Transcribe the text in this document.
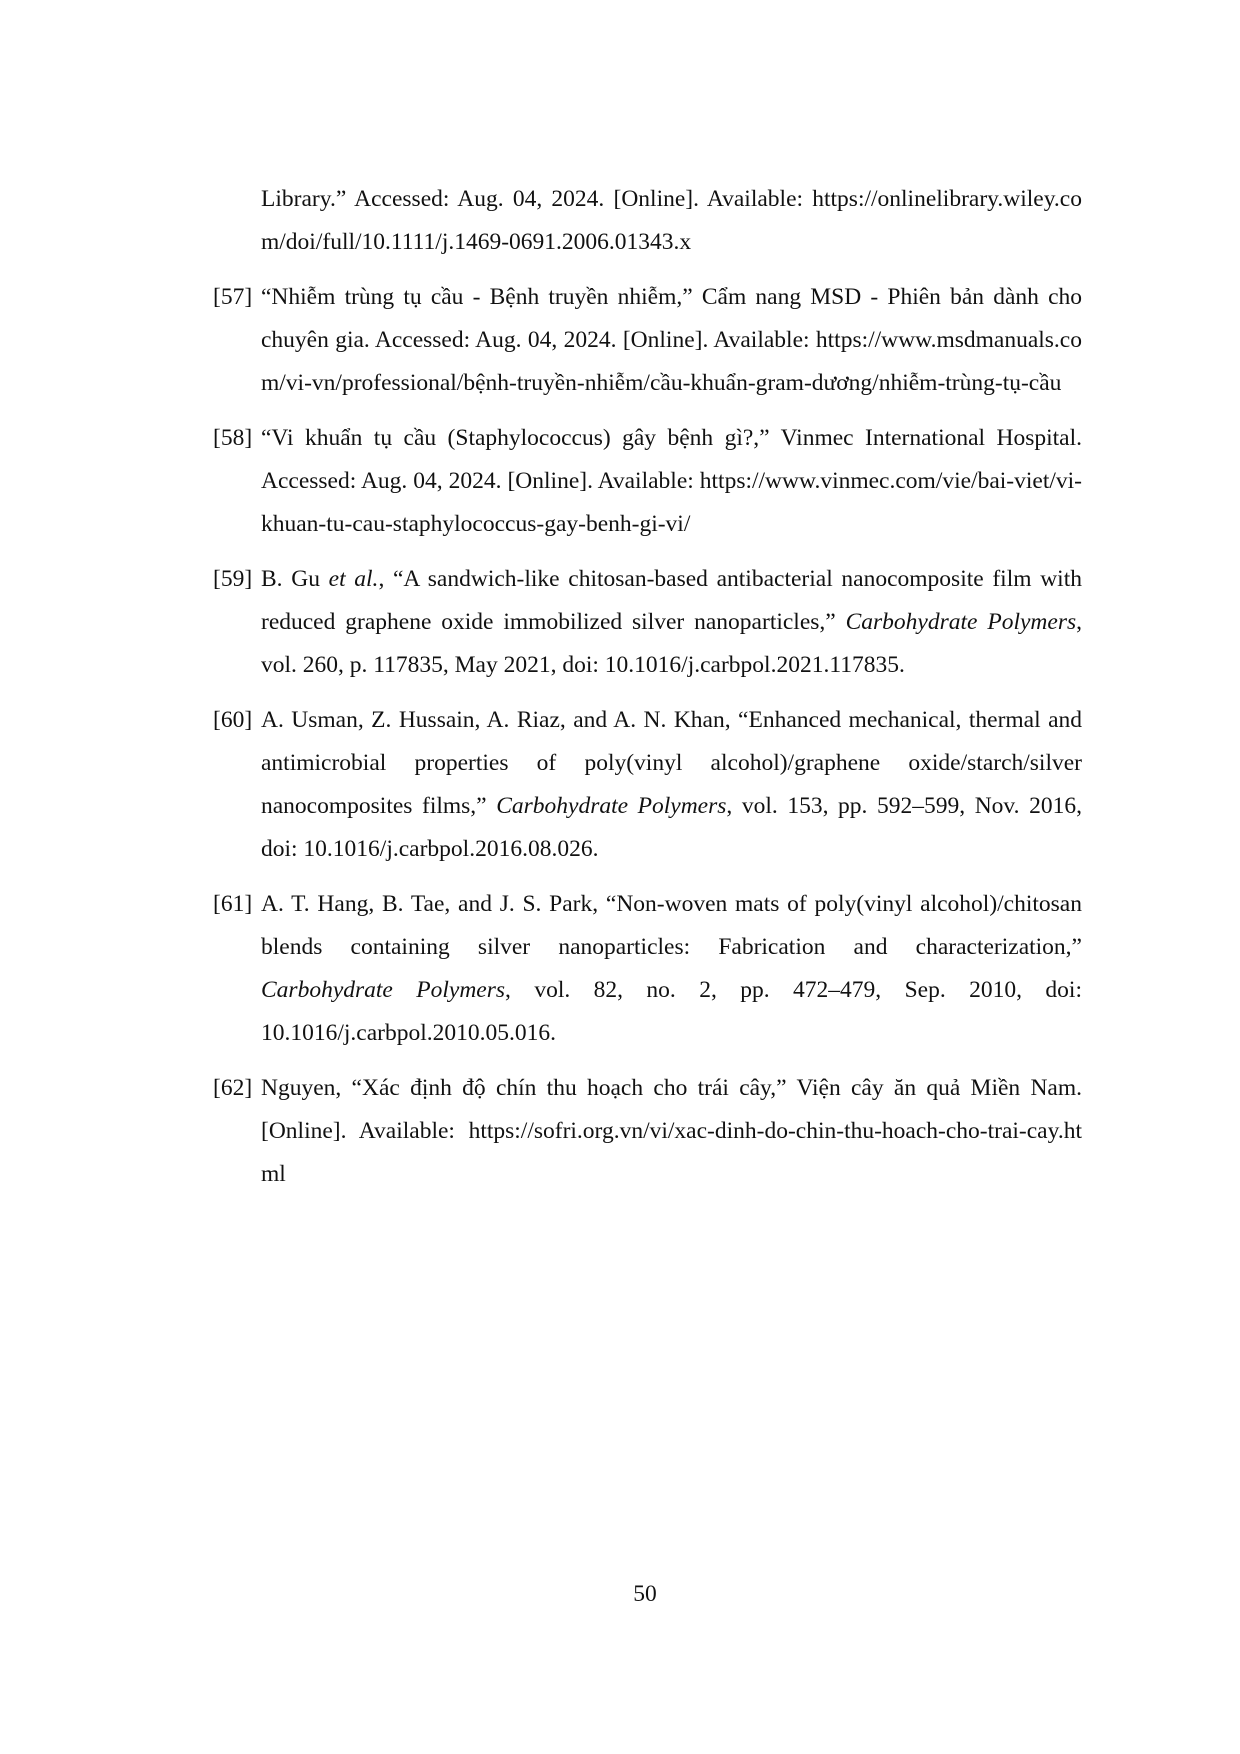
Library.” Accessed: Aug. 04, 2024. [Online]. Available: https://onlinelibrary.wiley.com/doi/full/10.1111/j.1469-0691.2006.01343.x

[57] “Nhiễm trùng tụ cầu - Bệnh truyền nhiễm,” Cẩm nang MSD - Phiên bản dành cho chuyên gia. Accessed: Aug. 04, 2024. [Online]. Available: https://www.msdmanuals.com/vi-vn/professional/bệnh-truyền-nhiễm/cầu-khuẩn-gram-dương/nhiễm-trùng-tụ-cầu

[58] “Vi khuẩn tụ cầu (Staphylococcus) gây bệnh gì?,” Vinmec International Hospital. Accessed: Aug. 04, 2024. [Online]. Available: https://www.vinmec.com/vie/bai-viet/vi-khuan-tu-cau-staphylococcus-gay-benh-gi-vi/

[59] B. Gu et al., “A sandwich-like chitosan-based antibacterial nanocomposite film with reduced graphene oxide immobilized silver nanoparticles,” Carbohydrate Polymers, vol. 260, p. 117835, May 2021, doi: 10.1016/j.carbpol.2021.117835.

[60] A. Usman, Z. Hussain, A. Riaz, and A. N. Khan, “Enhanced mechanical, thermal and antimicrobial properties of poly(vinyl alcohol)/graphene oxide/starch/silver nanocomposites films,” Carbohydrate Polymers, vol. 153, pp. 592–599, Nov. 2016, doi: 10.1016/j.carbpol.2016.08.026.

[61] A. T. Hang, B. Tae, and J. S. Park, “Non-woven mats of poly(vinyl alcohol)/chitosan blends containing silver nanoparticles: Fabrication and characterization,” Carbohydrate Polymers, vol. 82, no. 2, pp. 472–479, Sep. 2010, doi: 10.1016/j.carbpol.2010.05.016.

[62] Nguyen, “Xác định độ chín thu hoạch cho trái cây,” Viện cây ăn quả Miền Nam. [Online]. Available: https://sofri.org.vn/vi/xac-dinh-do-chin-thu-hoach-cho-trai-cay.html

50
